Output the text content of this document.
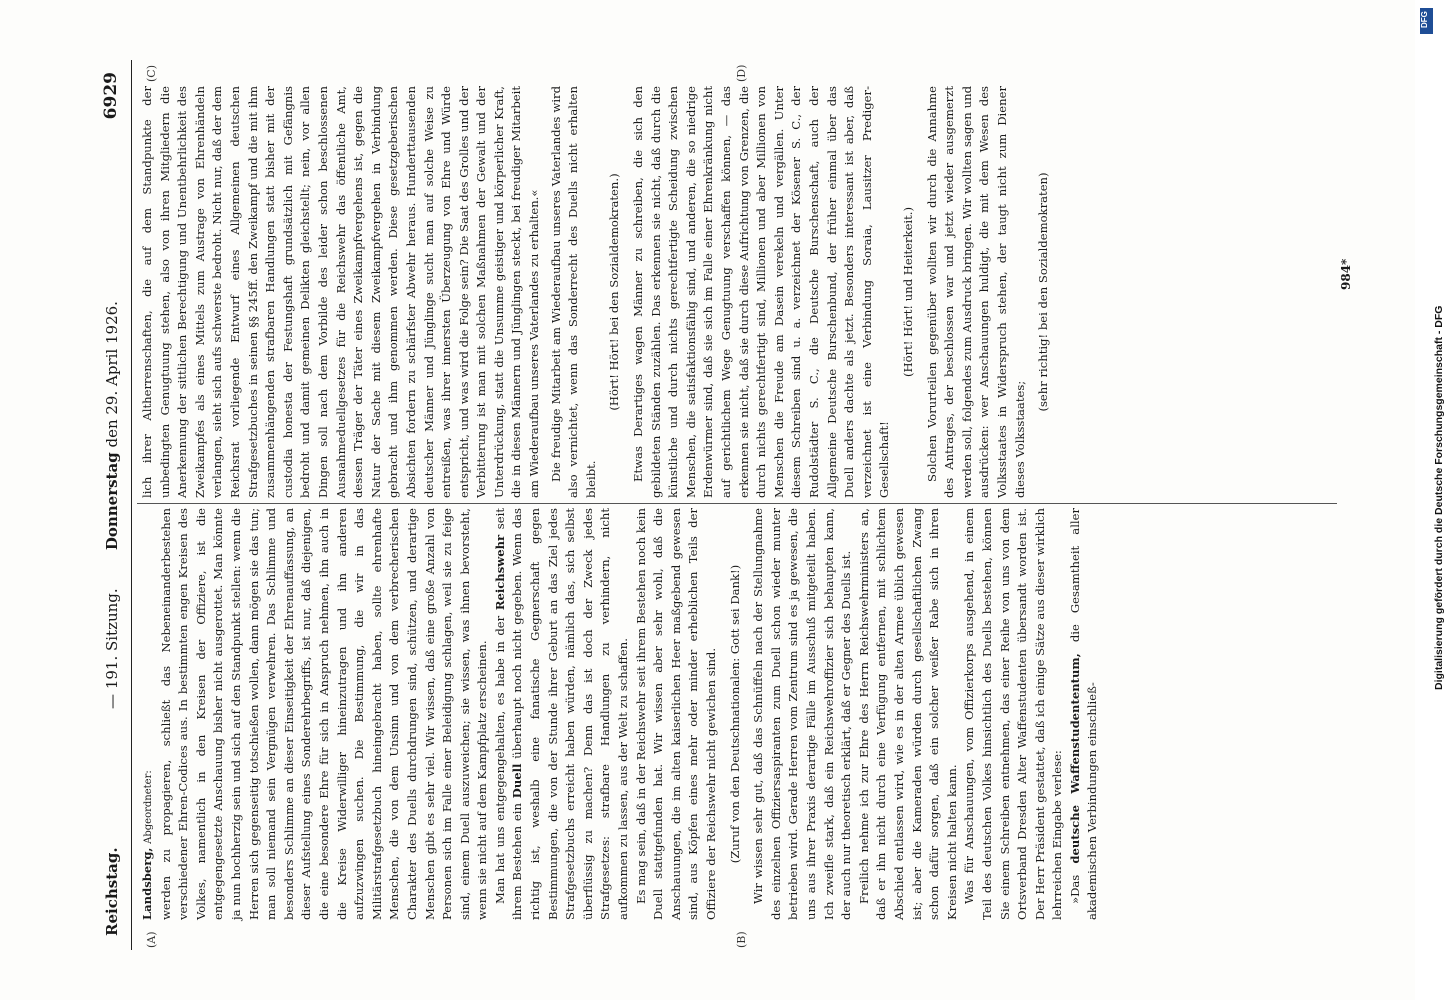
Reichstag.
— 191. Sitzung.        Donnerstag den 29. April 1926.
6929
(A)	(B)
(C)	(D)

Landsberg, Abgeordneter: werden zu propagieren, schließt das Nebeneinanderbestehen verschiedener Ehren-Codices aus. In bestimmten engen Kreisen des Volkes, namentlich in den Kreisen der Offiziere, ist die entgegengesetzte Anschauung bisher nicht ausgerottet. Man könnte ja nun hochherzig sein und sich auf den Standpunkt stellen: wenn die Herren sich gegenseitig totschießen wollen, dann mögen sie das tun; man soll niemand sein Vergnügen verwehren. Das Schlimme und besonders Schlimme an dieser Einseitigkeit der Ehrenauffassung, an dieser Aufstellung eines Sonderehrbegriffs, ist nur, daß diejenigen, die eine besondere Ehre für sich in Anspruch nehmen, ihn auch in die Kreise Widerwilliger hineinzutragen und ihn anderen aufzuzwingen suchen. Die Bestimmung, die wir in das Militärstrafgesetzbuch hineingebracht haben, sollte ehrenhafte Menschen, die von dem Unsinn und von dem verbrecherischen Charakter des Duells durchdrungen sind, schützen, und derartige Menschen gibt es sehr viel. Wir wissen, daß eine große Anzahl von Personen sich im Falle einer Beleidigung schlagen, weil sie zu feige sind, einem Duell auszuweichen; sie wissen, was ihnen bevorsteht, wenn sie nicht auf dem Kampfplatz erscheinen. Man hat uns entgegengehalten, es habe in der Reichswehr seit ihrem Bestehen ein Duell überhaupt noch nicht gegeben. Wenn das richtig ist, weshalb eine fanatische Gegnerschaft gegen Bestimmungen, die von der Stunde ihrer Geburt an das Ziel jedes Strafgesetzbuchs erreicht haben würden, nämlich das, sich selbst überflüssig zu machen? Denn das ist doch der Zweck jedes Strafgesetzes: strafbare Handlungen zu verhindern, nicht aufkommen zu lassen, aus der Welt zu schaffen. Es mag sein, daß in der Reichswehr seit ihrem Bestehen noch kein Duell stattgefunden hat. Wir wissen aber sehr wohl, daß die Anschauungen, die im alten kaiserlichen Heer maßgebend gewesen sind, aus Köpfen eines mehr oder minder erheblichen Teils der Offiziere der Reichswehr nicht gewichen sind. (Zuruf von den Deutschnationalen: Gott sei Dank!) Wir wissen sehr gut, daß das Schnüffeln nach der Stellungnahme des einzelnen Offiziersaspiranten zum Duell schon wieder munter betrieben wird. Gerade Herren vom Zentrum sind es ja gewesen, die uns aus ihrer Praxis derartige Fälle im Ausschuß mitgeteilt haben. Ich zweifle stark, daß ein Reichswehroffizier sich behaupten kann, der auch nur theoretisch erklärt, daß er Gegner des Duells ist. Freilich nehme ich zur Ehre des Herrn Reichswehrministers an, daß er ihn nicht durch eine Verfügung entfernen, mit schlichtem Abschied entlassen wird, wie es in der alten Armee üblich gewesen ist; aber die Kameraden würden durch gesellschaftlichen Zwang schon dafür sorgen, daß ein solcher weißer Rabe sich in ihren Kreisen nicht halten kann. Was für Anschauungen, vom Offizierkorps ausgehend, in einem Teil des deutschen Volkes hinsichtlich des Duells bestehen, können Sie einem Schreiben entnehmen, das einer Reihe von uns von dem Ortsverband Dresden Alter Waffenstudenten übersandt worden ist. Der Herr Präsident gestattet, daß ich einige Sätze aus dieser wirklich lehrreichen Eingabe verlese: »Das deutsche Waffenstudententum, die Gesamtheit aller akademischen Verbindungen einschließ-

lich ihrer Altherrenschaften, die auf dem Standpunkte der unbedingten Genugtuung stehen, also von ihren Mitgliedern die Anerkennung der sittlichen Berechtigung und Unentbehrlichkeit des Zweikampfes als eines Mittels zum Austrage von Ehrenhändeln verlangen, sieht sich aufs schwerste bedroht. Nicht nur, daß der dem Reichsrat vorliegende Entwurf eines Allgemeinen deutschen Strafgesetzbuches in seinen §§ 245ff. den Zweikampf und die mit ihm zusammenhängenden strafbaren Handlungen statt bisher mit der custodia honesta der Festungshaft grundsätzlich mit Gefängnis bedroht und damit gemeinen Delikten gleichstellt; nein, vor allen Dingen soll nach dem Vorbilde des leider schon beschlossenen Ausnahmeduellgesetzes für die Reichswehr das öffentliche Amt, dessen Träger der Täter eines Zweikampfvergehens ist, gegen die Natur der Sache mit diesem Zweikampfvergehen in Verbindung gebracht und ihm genommen werden. Diese gesetzgeberischen Absichten fordern zu schärfster Abwehr heraus. Hunderttausenden deutscher Männer und Jünglinge sucht man auf solche Weise zu entreißen, was ihrer innersten Überzeugung von Ehre und Würde entspricht, und was wird die Folge sein? Die Saat des Grolles und der Verbitterung ist man mit solchen Maßnahmen der Gewalt und der Unterdrückung, statt die Unsumme geistiger und körperlicher Kraft, die in diesen Männern und Jünglingen steckt, bei freudiger Mitarbeit am Wiederaufbau unseres Vaterlandes zu erhalten.« Die freudige Mitarbeit am Wiederaufbau unseres Vaterlandes wird also vernichtet, wenn das Sonderrecht des Duells nicht erhalten bleibt.

(Hört! Hört! bei den Sozialdemokraten.) Etwas Derartiges wagen Männer zu schreiben, die sich den gebildeten Ständen zuzählen. Das erkennen sie nicht, daß durch die künstliche und durch nichts gerechtfertigte Scheidung zwischen Menschen, die satisfaktionsfähig sind, und anderen, die so niedrige Erdenwürmer sind, daß sie sich im Falle einer Ehrenkränkung nicht auf gerichtlichem Wege Genugtuung verschaffen können, — das erkennen sie nicht, daß sie durch diese Aufrichtung von Grenzen, die durch nichts gerechtfertigt sind, Millionen und aber Millionen von Menschen die Freude am Dasein verekeln und vergällen. Unter diesem Schreiben sind u. a. verzeichnet der Kösener S. C., der Rudolstädter S. C., die Deutsche Burschenschaft, auch der Allgemeine Deutsche Burschenbund, der früher einmal über das Duell anders dachte als jetzt. Besonders interessant ist aber, daß verzeichnet ist eine Verbindung Soraia, Lausitzer Prediger-Gesellschaft!

(Hört! Hört! und Heiterkeit.) Solchen Vorurteilen gegenüber wollten wir durch die Annahme des Antrages, der beschlossen war und jetzt wieder ausgemerzt werden soll, folgendes zum Ausdruck bringen. Wir wollten sagen und ausdrücken: wer Anschauungen huldigt, die mit dem Wesen des Volksstaates in Widerspruch stehen, der taugt nicht zum Diener dieses Volksstaates;

(sehr richtig! bei den Sozialdemokraten)	984*
DFG
Digitalisierung gefördert durch die Deutsche Forschungsgemeinschaft - DFG
